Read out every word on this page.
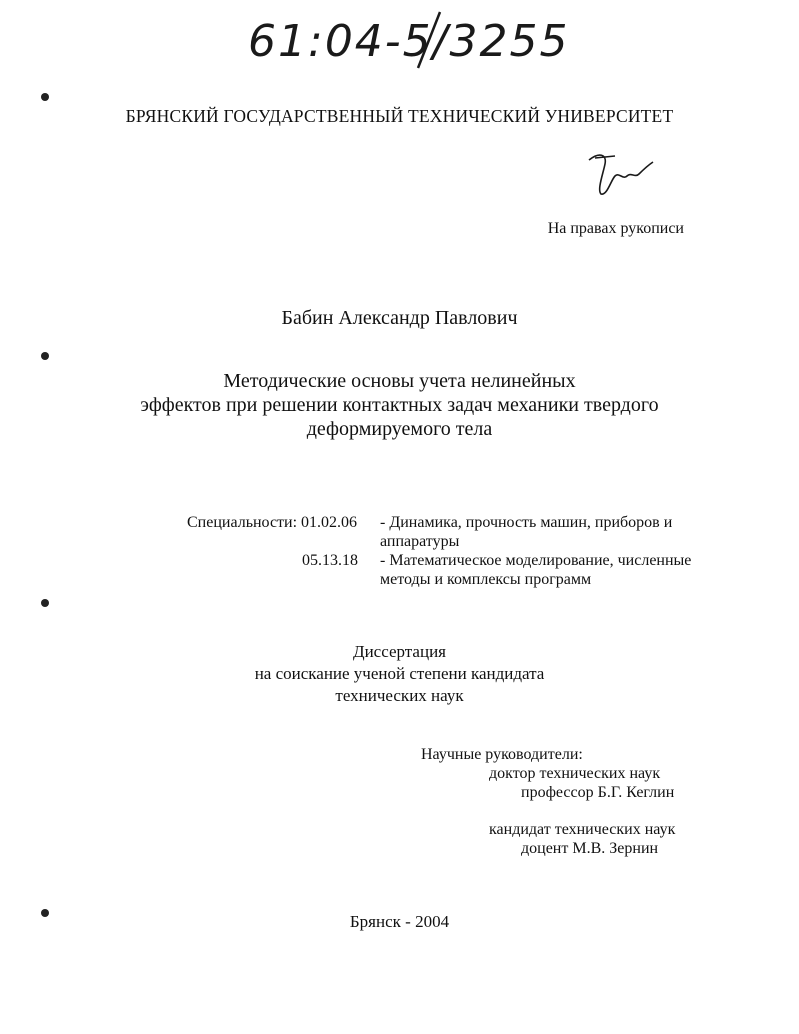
61:04-5/3255
БРЯНСКИЙ ГОСУДАРСТВЕННЫЙ ТЕХНИЧЕСКИЙ УНИВЕРСИТЕТ
На правах рукописи
Бабин Александр Павлович
Методические основы учета нелинейных
эффектов при решении контактных задач механики твердого
деформируемого тела
Специальности: 01.02.06 - Динамика, прочность машин, приборов и аппаратуры
05.13.18 - Математическое моделирование, численные методы и комплексы программ
Диссертация
на соискание ученой степени кандидата
технических наук
Научные руководители:
доктор технических наук
профессор Б.Г. Кеглин
кандидат технических наук
доцент М.В. Зернин
Брянск - 2004
